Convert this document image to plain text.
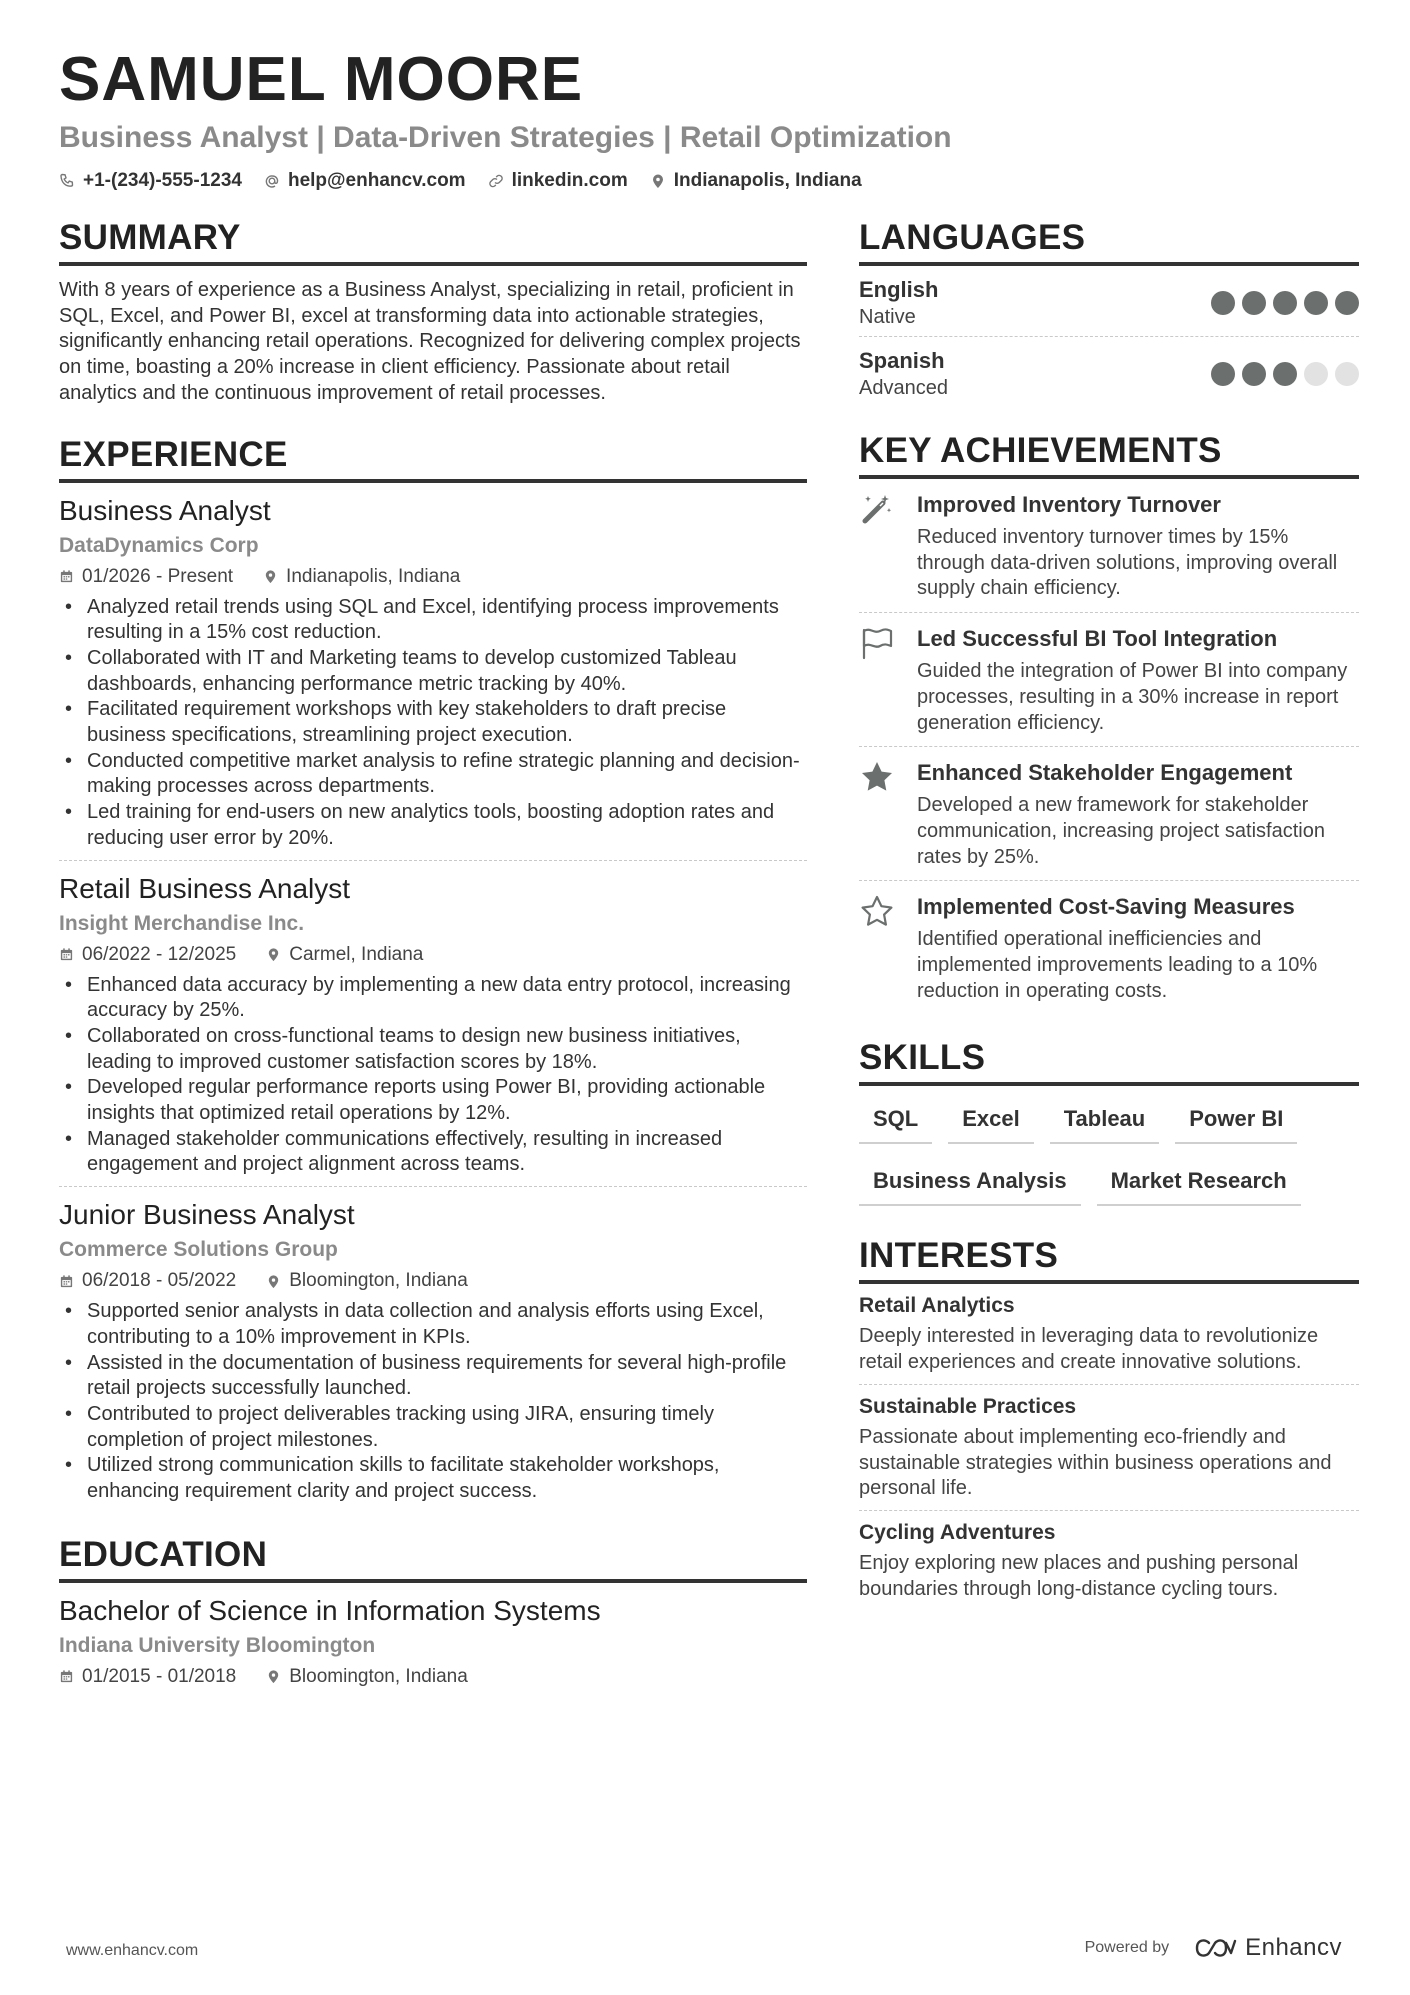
SAMUEL MOORE
Business Analyst | Data-Driven Strategies | Retail Optimization
+1-(234)-555-1234 help@enhancv.com linkedin.com Indianapolis, Indiana
SUMMARY
With 8 years of experience as a Business Analyst, specializing in retail, proficient in SQL, Excel, and Power BI, excel at transforming data into actionable strategies, significantly enhancing retail operations. Recognized for delivering complex projects on time, boasting a 20% increase in client efficiency. Passionate about retail analytics and the continuous improvement of retail processes.
EXPERIENCE
Business Analyst
DataDynamics Corp
01/2026 - Present	Indianapolis, Indiana
• Analyzed retail trends using SQL and Excel, identifying process improvements resulting in a 15% cost reduction.
• Collaborated with IT and Marketing teams to develop customized Tableau dashboards, enhancing performance metric tracking by 40%.
• Facilitated requirement workshops with key stakeholders to draft precise business specifications, streamlining project execution.
• Conducted competitive market analysis to refine strategic planning and decision-making processes across departments.
• Led training for end-users on new analytics tools, boosting adoption rates and reducing user error by 20%.
Retail Business Analyst
Insight Merchandise Inc.
06/2022 - 12/2025	Carmel, Indiana
• Enhanced data accuracy by implementing a new data entry protocol, increasing accuracy by 25%.
• Collaborated on cross-functional teams to design new business initiatives, leading to improved customer satisfaction scores by 18%.
• Developed regular performance reports using Power BI, providing actionable insights that optimized retail operations by 12%.
• Managed stakeholder communications effectively, resulting in increased engagement and project alignment across teams.
Junior Business Analyst
Commerce Solutions Group
06/2018 - 05/2022	Bloomington, Indiana
• Supported senior analysts in data collection and analysis efforts using Excel, contributing to a 10% improvement in KPIs.
• Assisted in the documentation of business requirements for several high-profile retail projects successfully launched.
• Contributed to project deliverables tracking using JIRA, ensuring timely completion of project milestones.
• Utilized strong communication skills to facilitate stakeholder workshops, enhancing requirement clarity and project success.
EDUCATION
Bachelor of Science in Information Systems
Indiana University Bloomington
01/2015 - 01/2018	Bloomington, Indiana
LANGUAGES
English
Native
Spanish
Advanced
KEY ACHIEVEMENTS
Improved Inventory Turnover
Reduced inventory turnover times by 15% through data-driven solutions, improving overall supply chain efficiency.
Led Successful BI Tool Integration
Guided the integration of Power BI into company processes, resulting in a 30% increase in report generation efficiency.
Enhanced Stakeholder Engagement
Developed a new framework for stakeholder communication, increasing project satisfaction rates by 25%.
Implemented Cost-Saving Measures
Identified operational inefficiencies and implemented improvements leading to a 10% reduction in operating costs.
SKILLS
SQL	Excel	Tableau	Power BI
Business Analysis	Market Research
INTERESTS
Retail Analytics
Deeply interested in leveraging data to revolutionize retail experiences and create innovative solutions.
Sustainable Practices
Passionate about implementing eco-friendly and sustainable strategies within business operations and personal life.
Cycling Adventures
Enjoy exploring new places and pushing personal boundaries through long-distance cycling tours.
www.enhancv.com	Powered by	Enhancv
